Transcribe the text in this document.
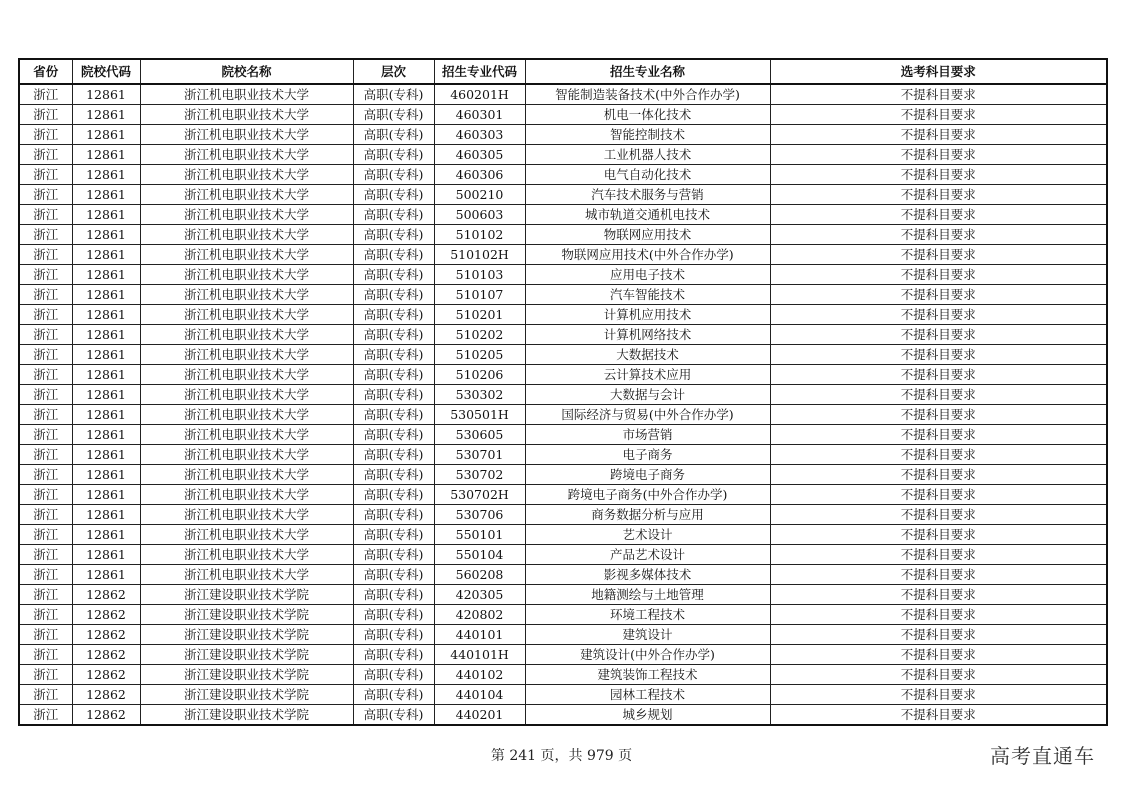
省份	院校代码	院校名称	层次	招生专业代码	招生专业名称	选考科目要求
浙江	12861	浙江机电职业技术大学	高职(专科)	460201H	智能制造装备技术(中外合作办学)	不提科目要求
浙江	12861	浙江机电职业技术大学	高职(专科)	460301	机电一体化技术	不提科目要求
浙江	12861	浙江机电职业技术大学	高职(专科)	460303	智能控制技术	不提科目要求
浙江	12861	浙江机电职业技术大学	高职(专科)	460305	工业机器人技术	不提科目要求
浙江	12861	浙江机电职业技术大学	高职(专科)	460306	电气自动化技术	不提科目要求
浙江	12861	浙江机电职业技术大学	高职(专科)	500210	汽车技术服务与营销	不提科目要求
浙江	12861	浙江机电职业技术大学	高职(专科)	500603	城市轨道交通机电技术	不提科目要求
浙江	12861	浙江机电职业技术大学	高职(专科)	510102	物联网应用技术	不提科目要求
浙江	12861	浙江机电职业技术大学	高职(专科)	510102H	物联网应用技术(中外合作办学)	不提科目要求
浙江	12861	浙江机电职业技术大学	高职(专科)	510103	应用电子技术	不提科目要求
浙江	12861	浙江机电职业技术大学	高职(专科)	510107	汽车智能技术	不提科目要求
浙江	12861	浙江机电职业技术大学	高职(专科)	510201	计算机应用技术	不提科目要求
浙江	12861	浙江机电职业技术大学	高职(专科)	510202	计算机网络技术	不提科目要求
浙江	12861	浙江机电职业技术大学	高职(专科)	510205	大数据技术	不提科目要求
浙江	12861	浙江机电职业技术大学	高职(专科)	510206	云计算技术应用	不提科目要求
浙江	12861	浙江机电职业技术大学	高职(专科)	530302	大数据与会计	不提科目要求
浙江	12861	浙江机电职业技术大学	高职(专科)	530501H	国际经济与贸易(中外合作办学)	不提科目要求
浙江	12861	浙江机电职业技术大学	高职(专科)	530605	市场营销	不提科目要求
浙江	12861	浙江机电职业技术大学	高职(专科)	530701	电子商务	不提科目要求
浙江	12861	浙江机电职业技术大学	高职(专科)	530702	跨境电子商务	不提科目要求
浙江	12861	浙江机电职业技术大学	高职(专科)	530702H	跨境电子商务(中外合作办学)	不提科目要求
浙江	12861	浙江机电职业技术大学	高职(专科)	530706	商务数据分析与应用	不提科目要求
浙江	12861	浙江机电职业技术大学	高职(专科)	550101	艺术设计	不提科目要求
浙江	12861	浙江机电职业技术大学	高职(专科)	550104	产品艺术设计	不提科目要求
浙江	12861	浙江机电职业技术大学	高职(专科)	560208	影视多媒体技术	不提科目要求
浙江	12862	浙江建设职业技术学院	高职(专科)	420305	地籍测绘与土地管理	不提科目要求
浙江	12862	浙江建设职业技术学院	高职(专科)	420802	环境工程技术	不提科目要求
浙江	12862	浙江建设职业技术学院	高职(专科)	440101	建筑设计	不提科目要求
浙江	12862	浙江建设职业技术学院	高职(专科)	440101H	建筑设计(中外合作办学)	不提科目要求
浙江	12862	浙江建设职业技术学院	高职(专科)	440102	建筑装饰工程技术	不提科目要求
浙江	12862	浙江建设职业技术学院	高职(专科)	440104	园林工程技术	不提科目要求
浙江	12862	浙江建设职业技术学院	高职(专科)	440201	城乡规划	不提科目要求
第 241 页，共 979 页	高考直通车
